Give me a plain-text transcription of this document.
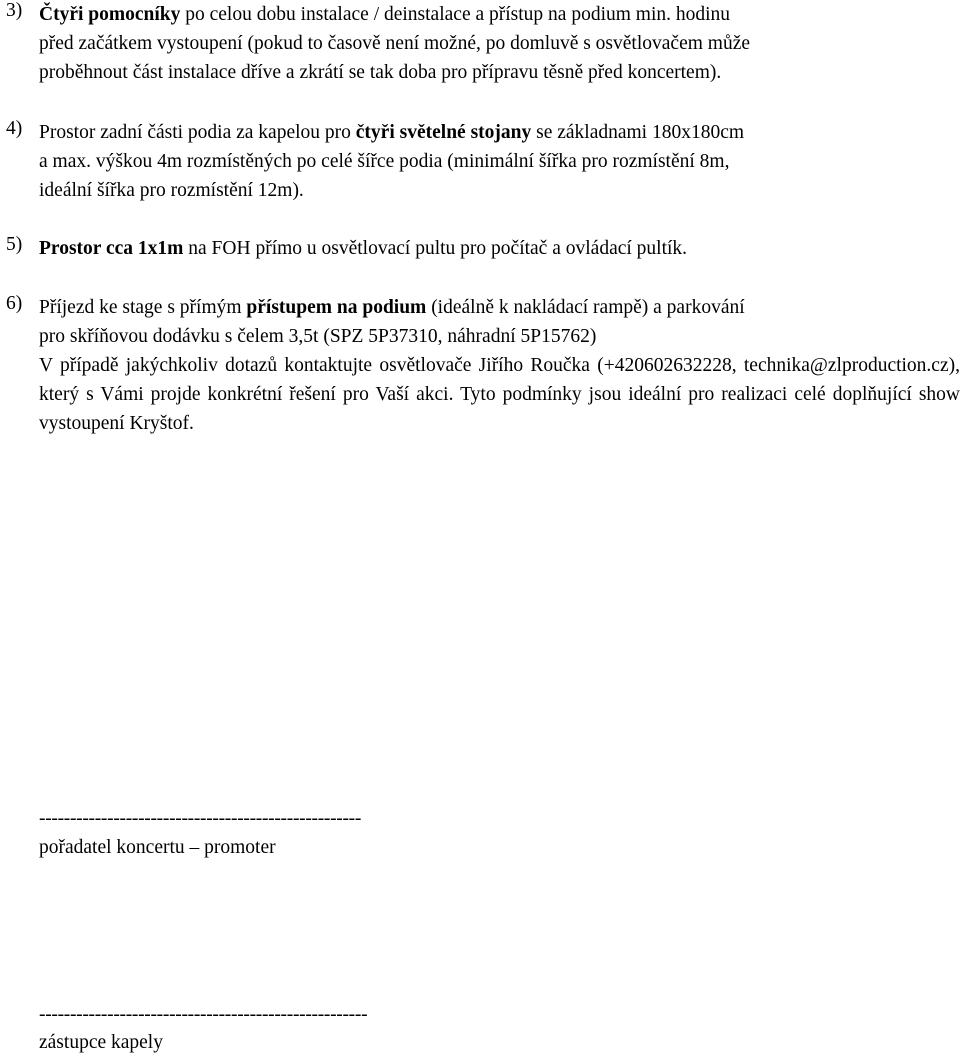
3) Čtyři pomocníky po celou dobu instalace / deinstalace a přístup na podium min. hodinu
před začátkem vystoupení (pokud to časově není možné, po domluvě s osvětlovačem může
proběhnout část instalace dříve a zkrátí se tak doba pro přípravu těsně před koncertem).
4) Prostor zadní části podia za kapelou pro čtyři světelné stojany se základnami 180x180cm
a max. výškou 4m rozmístěných po celé šířce podia (minimální šířka pro rozmístění 8m,
ideální šířka pro rozmístění 12m).
5) Prostor cca 1x1m na FOH přímo u osvětlovací pultu pro počítač a ovládací pultík.
6) Příjezd ke stage s přímým přístupem na podium (ideálně k nakládací rampě) a parkování
pro skříňovou dodávku s čelem 3,5t (SPZ 5P37310, náhradní 5P15762)
V případě jakýchkoliv dotazů kontaktujte osvětlovače Jiřího Roučka (+420602632228, technika@zlproduction.cz), který s Vámi projde konkrétní řešení pro Vaší akci. Tyto podmínky jsou ideální pro realizaci celé doplňující show vystoupení Kryštof.
----------------------------------------------------
pořadatel koncertu – promoter
-----------------------------------------------------
zástupce kapely
